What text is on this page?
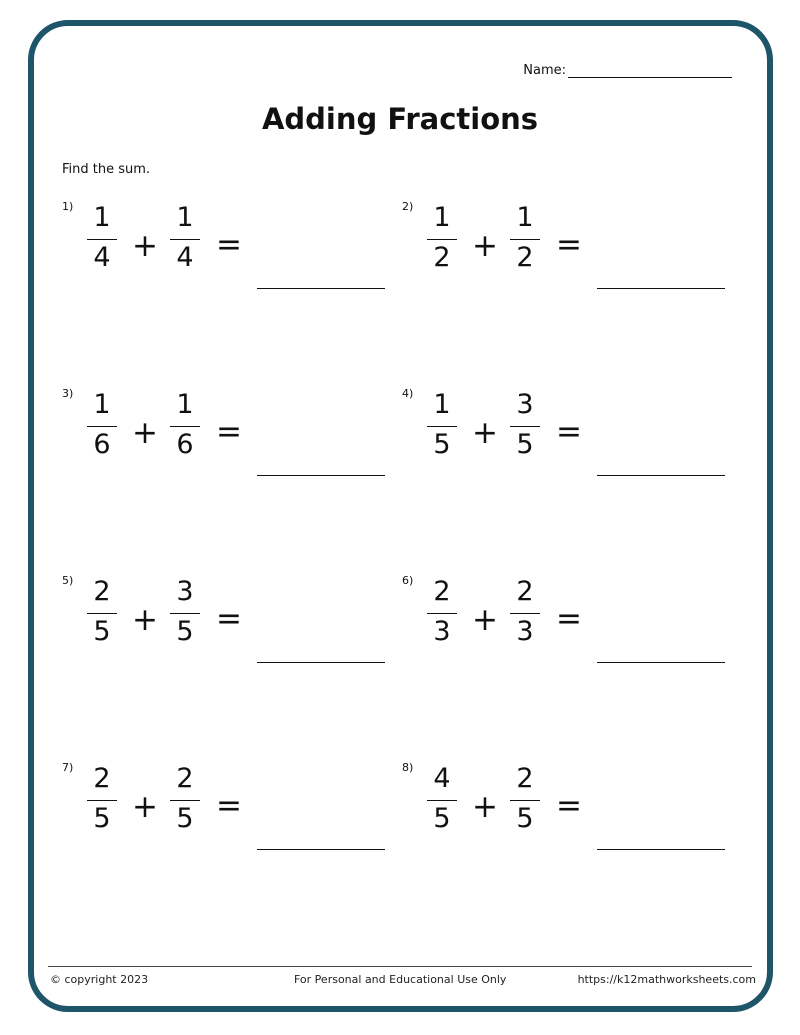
Name:
Adding Fractions
Find the sum.
1) 1
4 +
1
4 =
2) 1
2 +
1
2 =
3) 1
6 +
1
6 =
4) 1
5 +
3
5 =
5) 2
5 +
3
5 =
6) 2
3 +
2
3 =
7) 2
5 +
2
5 =
8) 4
5 +
2
5 =
© copyright 2023	For Personal and Educational Use Only	https://k12mathworksheets.com
